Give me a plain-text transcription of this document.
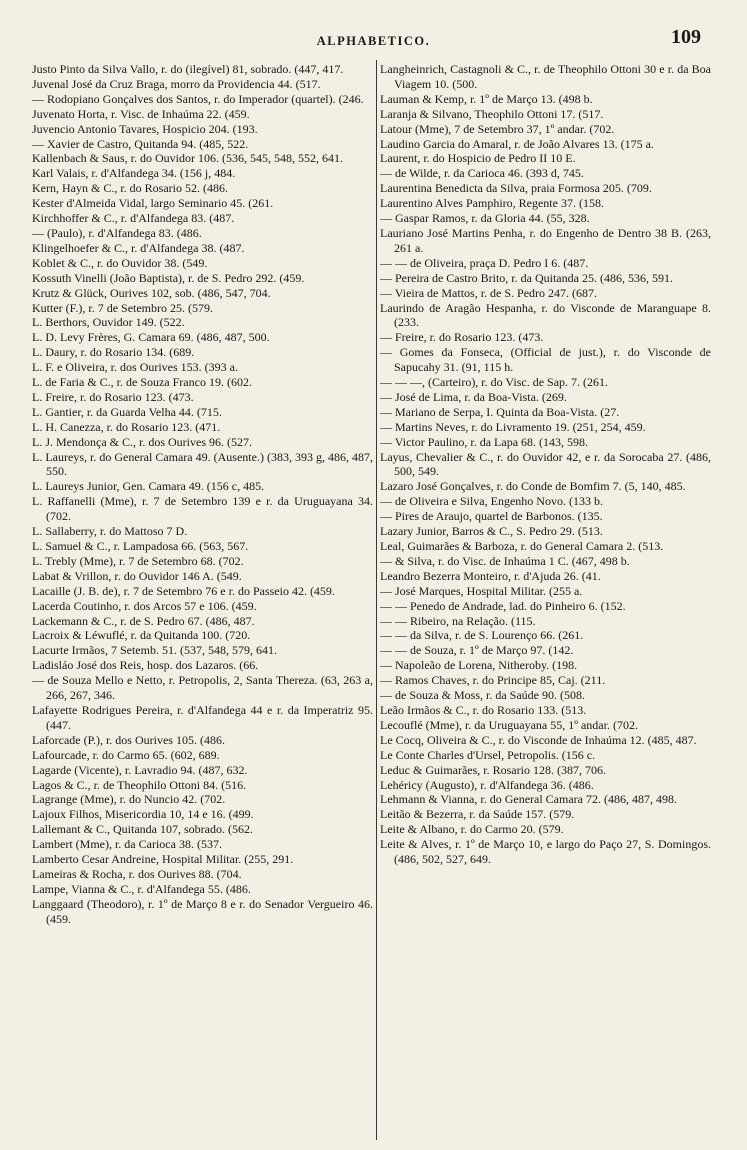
ALPHABETICO.	109
Justo Pinto da Silva Vallo, r. do (ilegível) 81, sobrado. (447, 417.
Juvenal José da Cruz Braga, morro da Providencia 44. (517.
— Rodopiano Gonçalves dos Santos, r. do Imperador (quartel). (246.
Juvenato Horta, r. Visc. de Inhaúma 22. (459.
Juvencio Antonio Tavares, Hospicio 204. (193.
— Xavier de Castro, Quitanda 94. (485, 522.
Kallenbach & Saus, r. do Ouvidor 106. (536, 545, 548, 552, 641.
Karl Valais, r. d'Alfandega 34. (156 j, 484.
Kern, Hayn & C., r. do Rosario 52. (486.
Kester d'Almeida Vidal, largo Seminario 45. (261.
Kirchhoffer & C., r. d'Alfandega 83. (487.
— (Paulo), r. d'Alfandega 83. (486.
Klingelhoefer & C., r. d'Alfandega 38. (487.
Koblet & C., r. do Ouvidor 38. (549.
Kossuth Vinelli (João Baptista), r. de S. Pedro 292. (459.
Krutz & Glück, Ourives 102, sob. (486, 547, 704.
Kutter (F.), r. 7 de Setembro 25. (579.
L. Berthors, Ouvidor 149. (522.
L. D. Levy Frères, G. Camara 69. (486, 487, 500.
L. Daury, r. do Rosario 134. (689.
L. F. e Oliveira, r. dos Ourives 153. (393 a.
L. de Faria & C., r. de Souza Franco 19. (602.
L. Freire, r. do Rosario 123. (473.
L. Gantier, r. da Guarda Velha 44. (715.
L. H. Canezza, r. do Rosario 123. (471.
L. J. Mendonça & C., r. dos Ourives 96. (527.
L. Laureys, r. do General Camara 49. (Ausente.) (383, 393 g, 486, 487, 550.
L. Laureys Junior, Gen. Camara 49. (156 c, 485.
L. Raffanelli (Mme), r. 7 de Setembro 139 e r. da Uruguayana 34. (702.
L. Sallaberry, r. do Mattoso 7 D.
L. Samuel & C., r. Lampadosa 66. (563, 567.
L. Trebly (Mme), r. 7 de Setembro 68. (702.
Labat & Vrillon, r. do Ouvidor 146 A. (549.
Lacaille (J. B. de), r. 7 de Setembro 76 e r. do Passeio 42. (459.
Lacerda Coutinho, r. dos Arcos 57 e 106. (459.
Lackemann & C., r. de S. Pedro 67. (486, 487.
Lacroix & Léwuflé, r. da Quitanda 100. (720.
Lacurte Irmãos, 7 Setemb. 51. (537, 548, 579, 641.
Ladisláo José dos Reis, hosp. dos Lazaros. (66.
— de Souza Mello e Netto, r. Petropolis, 2, Santa Thereza. (63, 263 a, 266, 267, 346.
Lafayette Rodrigues Pereira, r. d'Alfandega 44 e r. da Imperatriz 95. (447.
Laforcade (P.), r. dos Ourives 105. (486.
Lafourcade, r. do Carmo 65. (602, 689.
Lagarde (Vicente), r. Lavradio 94. (487, 632.
Lagos & C., r. de Theophilo Ottoni 84. (516.
Lagrange (Mme), r. do Nuncio 42. (702.
Lajoux Filhos, Misericordia 10, 14 e 16. (499.
Lallemant & C., Quitanda 107, sobrado. (562.
Lambert (Mme), r. da Carioca 38. (537.
Lamberto Cesar Andreine, Hospital Militar. (255, 291.
Lameiras & Rocha, r. dos Ourives 88. (704.
Lampe, Vianna & C., r. d'Alfandega 55. (486.
Langgaard (Theodoro), r. 1º de Março 8 e r. do Senador Vergueiro 46. (459.
Langheinrich, Castagnoli & C., r. de Theophilo Ottoni 30 e r. da Boa Viagem 10. (500.
Lauman & Kemp, r. 1º de Março 13. (498 b.
Laranja & Silvano, Theophilo Ottoni 17. (517.
Latour (Mme), 7 de Setembro 37, 1º andar. (702.
Laudino Garcia do Amaral, r. de João Alvares 13. (175 a.
Laurent, r. do Hospicio de Pedro II 10 E.
— de Wilde, r. da Carioca 46. (393 d, 745.
Laurentina Benedicta da Silva, praia Formosa 205. (709.
Laurentino Alves Pamphiro, Regente 37. (158.
— Gaspar Ramos, r. da Gloria 44. (55, 328.
Lauriano José Martins Penha, r. do Engenho de Dentro 38 B. (263, 261 a.
— — de Oliveira, praça D. Pedro I 6. (487.
— Pereira de Castro Brito, r. da Quitanda 25. (486, 536, 591.
— Vieira de Mattos, r. de S. Pedro 247. (687.
Laurindo de Aragão Hespanha, r. do Visconde de Maranguape 8. (233.
— Freire, r. do Rosario 123. (473.
— Gomes da Fonseca, (Official de just.), r. do Visconde de Sapucahy 31. (91, 115 h.
— — —, (Carteiro), r. do Visc. de Sap. 7. (261.
— José de Lima, r. da Boa-Vista. (269.
— Mariano de Serpa, I. Quinta da Boa-Vista. (27.
— Martins Neves, r. do Livramento 19. (251, 254, 459.
— Victor Paulino, r. da Lapa 68. (143, 598.
Layus, Chevalier & C., r. do Ouvidor 42, e r. da Sorocaba 27. (486, 500, 549.
Lazaro José Gonçalves, r. do Conde de Bomfim 7. (5, 140, 485.
— de Oliveira e Silva, Engenho Novo. (133 b.
— Pires de Araujo, quartel de Barbonos. (135.
Lazary Junior, Barros & C., S. Pedro 29. (513.
Leal, Guimarães & Barboza, r. do General Camara 2. (513.
— & Silva, r. do Visc. de Inhaúma 1 C. (467, 498 b.
Leandro Bezerra Monteiro, r. d'Ajuda 26. (41.
— José Marques, Hospital Militar. (255 a.
— — Penedo de Andrade, lad. do Pinheiro 6. (152.
— — Ribeiro, na Relação. (115.
— — da Silva, r. de S. Lourenço 66. (261.
— — de Souza, r. 1º de Março 97. (142.
— Napoleão de Lorena, Nitheroby. (198.
— Ramos Chaves, r. do Principe 85, Caj. (211.
— de Souza & Moss, r. da Saúde 90. (508.
Leão Irmãos & C., r. do Rosario 133. (513.
Lecouflé (Mme), r. da Uruguayana 55, 1º andar. (702.
Le Cocq, Oliveira & C., r. do Visconde de Inhaúma 12. (485, 487.
Le Conte Charles d'Ursel, Petropolis. (156 c.
Leduc & Guimarães, r. Rosario 128. (387, 706.
Lehéricy (Augusto), r. d'Alfandega 36. (486.
Lehmann & Vianna, r. do General Camara 72. (486, 487, 498.
Leitão & Bezerra, r. da Saúde 157. (579.
Leite & Albano, r. do Carmo 20. (579.
Leite & Alves, r. 1º de Março 10, e largo do Paço 27, S. Domingos. (486, 502, 527, 649.
